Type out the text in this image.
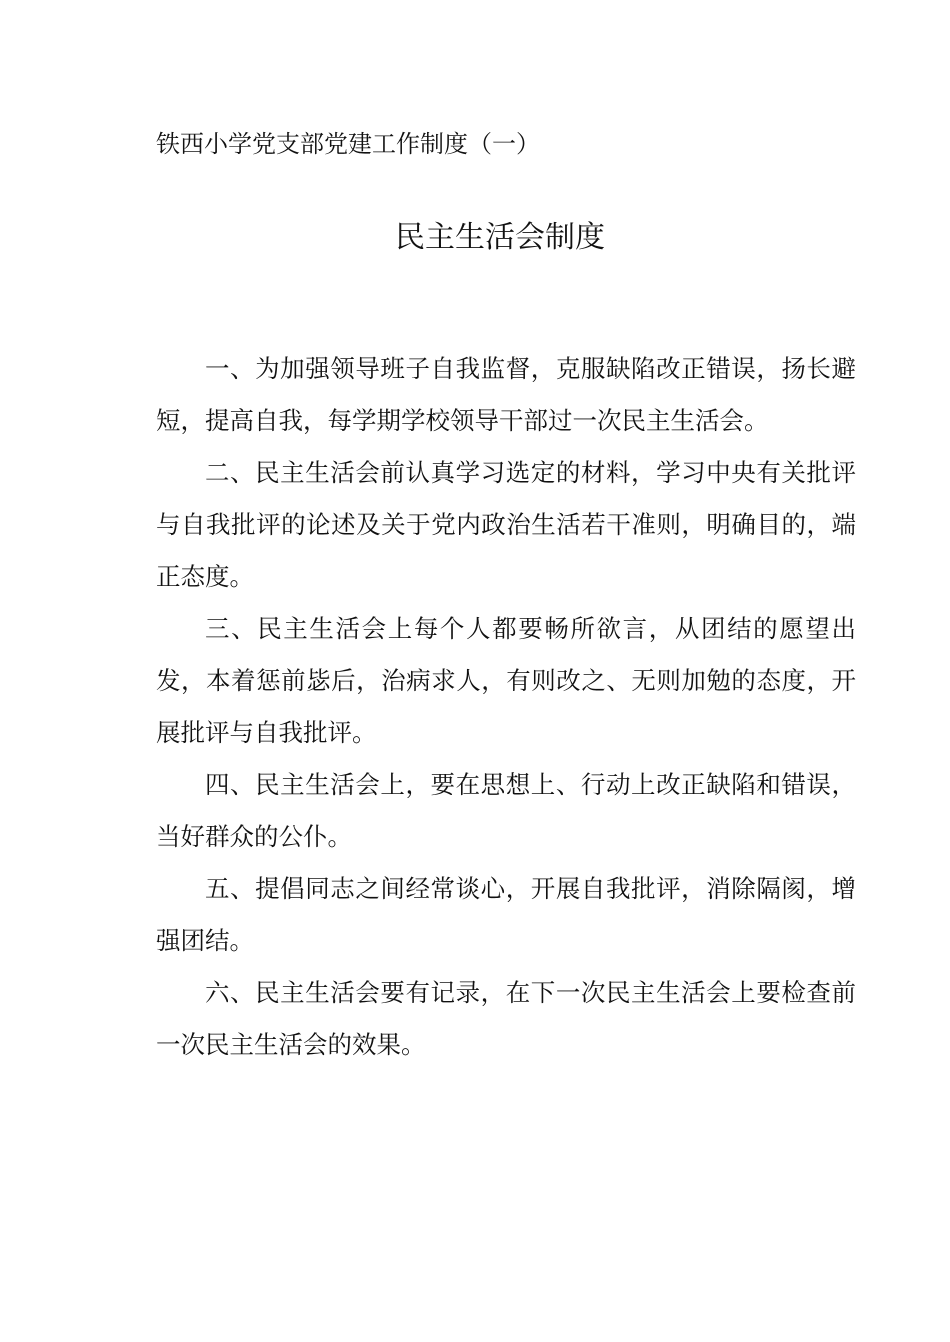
铁西小学党支部党建工作制度（一）
民主生活会制度

一、为加强领导班子自我监督，克服缺陷改正错误，扬长避短，提高自我，每学期学校领导干部过一次民主生活会。

二、民主生活会前认真学习选定的材料，学习中央有关批评与自我批评的论述及关于党内政治生活若干准则，明确目的，端正态度。

三、民主生活会上每个人都要畅所欲言，从团结的愿望出发，本着惩前毖后，治病求人，有则改之、无则加勉的态度，开展批评与自我批评。

四、民主生活会上，要在思想上、行动上改正缺陷和错误，当好群众的公仆。

五、提倡同志之间经常谈心，开展自我批评，消除隔阂，增强团结。

六、民主生活会要有记录，在下一次民主生活会上要检查前一次民主生活会的效果。
